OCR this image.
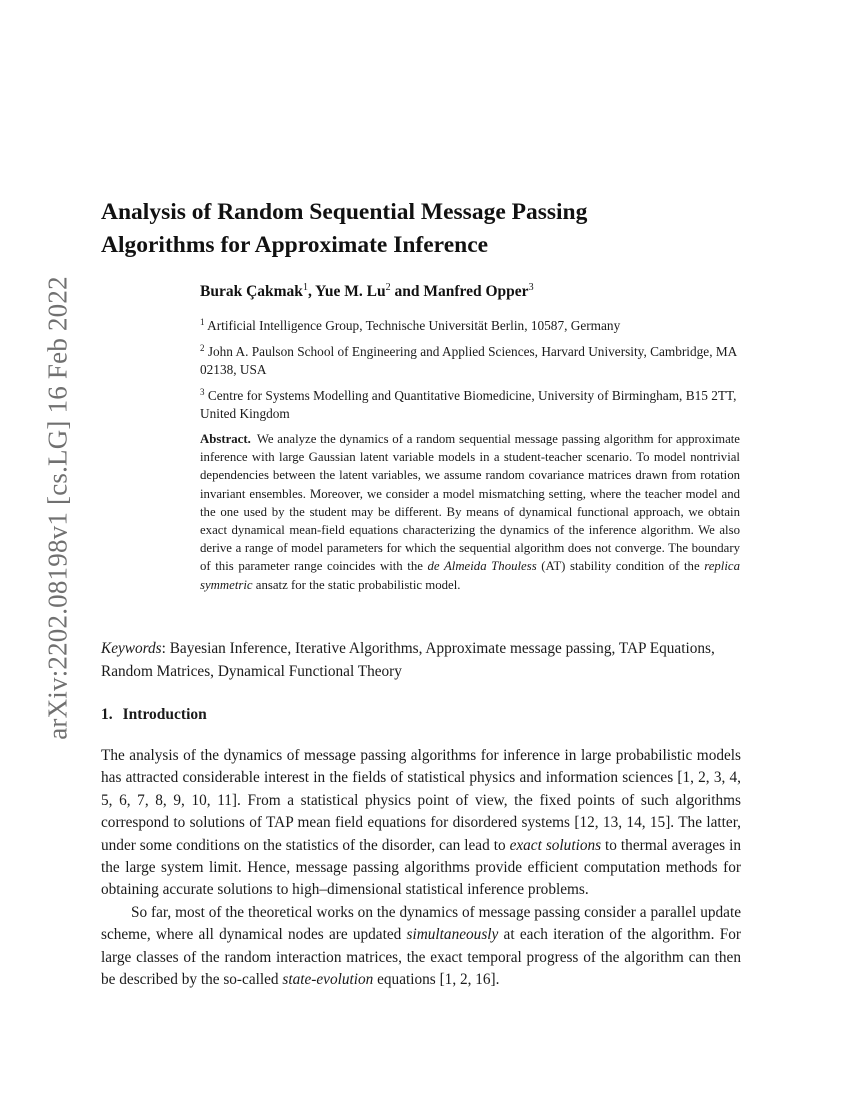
arXiv:2202.08198v1 [cs.LG] 16 Feb 2022
Analysis of Random Sequential Message Passing
Algorithms for Approximate Inference
Burak Çakmak$^1$, Yue M. Lu$^2$ and Manfred Opper$^3$
$^1$ Artificial Intelligence Group, Technische Universität Berlin, 10587, Germany
$^2$ John A. Paulson School of Engineering and Applied Sciences, Harvard University, Cambridge, MA 02138, USA
$^3$ Centre for Systems Modelling and Quantitative Biomedicine, University of Birmingham, B15 2TT, United Kingdom

Abstract. We analyze the dynamics of a random sequential message passing algorithm for approximate inference with large Gaussian latent variable models in a student-teacher scenario. To model nontrivial dependencies between the latent variables, we assume random covariance matrices drawn from rotation invariant ensembles. Moreover, we consider a model mismatching setting, where the teacher model and the one used by the student may be different. By means of dynamical functional approach, we obtain exact dynamical mean-field equations characterizing the dynamics of the inference algorithm. We also derive a range of model parameters for which the sequential algorithm does not converge. The boundary of this parameter range coincides with the de Almeida Thouless (AT) stability condition of the replica symmetric ansatz for the static probabilistic model.

Keywords: Bayesian Inference, Iterative Algorithms, Approximate message passing, TAP Equations, Random Matrices, Dynamical Functional Theory

1. Introduction

The analysis of the dynamics of message passing algorithms for inference in large probabilistic models has attracted considerable interest in the fields of statistical physics and information sciences [1, 2, 3, 4, 5, 6, 7, 8, 9, 10, 11]. From a statistical physics point of view, the fixed points of such algorithms correspond to solutions of TAP mean field equations for disordered systems [12, 13, 14, 15]. The latter, under some conditions on the statistics of the disorder, can lead to exact solutions to thermal averages in the large system limit. Hence, message passing algorithms provide efficient computation methods for obtaining accurate solutions to high–dimensional statistical inference problems.

So far, most of the theoretical works on the dynamics of message passing consider a parallel update scheme, where all dynamical nodes are updated simultaneously at each iteration of the algorithm. For large classes of the random interaction matrices, the exact temporal progress of the algorithm can then be described by the so-called state-evolution equations [1, 2, 16].
